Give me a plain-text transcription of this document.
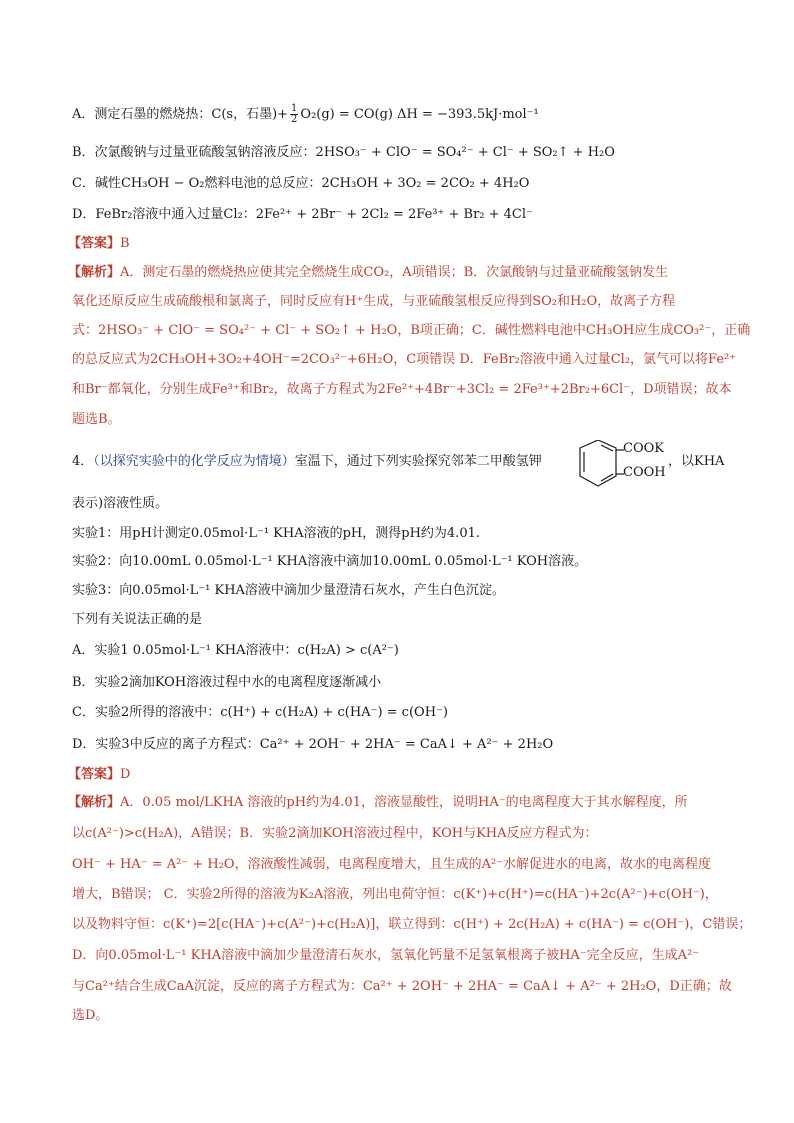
A．测定石墨的燃烧热：C(s，石墨)+ $\frac{1}{2} O_2(g) = CO(g) \Delta H = -393.5kJ\cdot mol^{-1}$
B．次氯酸钠与过量亚硫酸氢钠溶液反应：2HSO₃⁻ + ClO⁻ = SO₄²⁻ + Cl⁻ + SO₂↑ + H₂O
C．碱性CH₃OH − O₂燃料电池的总反应：2CH₃OH + 3O₂ = 2CO₂ + 4H₂O
D．FeBr₂溶液中通入过量Cl₂：2Fe²⁺ + 2Br⁻ + 2Cl₂ = 2Fe³⁺ + Br₂ + 4Cl⁻
【答案】B
【解析】A．测定石墨的燃烧热应使其完全燃烧生成CO₂，A项错误；B．次氯酸钠与过量亚硫酸氢钠发生
氧化还原反应生成硫酸根和氯离子，同时反应有H⁺生成，与亚硫酸氢根反应得到SO₂和H₂O，故离子方程
式：2HSO₃⁻ + ClO⁻ = SO₄²⁻ + Cl⁻ + SO₂↑ + H₂O，B项正确；C．碱性燃料电池中CH₃OH应生成CO₃²⁻，正确
的总反应式为2CH₃OH+3O₂+4OH⁻=2CO₃²⁻+6H₂O，C项错误 D．FeBr₂溶液中通入过量Cl₂，氯气可以将Fe²⁺
和Br⁻都氧化，分别生成Fe³⁺和Br₂，故离子方程式为2Fe²⁺+4Br⁻+3Cl₂ = 2Fe³⁺+2Br₂+6Cl⁻，D项错误；故本
题选B。
4．（以探究实验中的化学反应为情境）室温下，通过下列实验探究邻苯二甲酸氢钾
COOK
COOH
，以KHA
表示)溶液性质。
实验1：用pH计测定0.05mol·L⁻¹ KHA溶液的pH，测得pH约为4.01.
实验2：向10.00mL 0.05mol·L⁻¹ KHA溶液中滴加10.00mL 0.05mol·L⁻¹ KOH溶液。
实验3：向0.05mol·L⁻¹ KHA溶液中滴加少量澄清石灰水，产生白色沉淀。
下列有关说法正确的是
A．实验1 0.05mol·L⁻¹ KHA溶液中：c(H₂A) > c(A²⁻)
B．实验2滴加KOH溶液过程中水的电离程度逐渐减小
C．实验2所得的溶液中：c(H⁺) + c(H₂A) + c(HA⁻) = c(OH⁻)
D．实验3中反应的离子方程式：Ca²⁺ + 2OH⁻ + 2HA⁻ = CaA↓ + A²⁻ + 2H₂O
【答案】D
【解析】A．0.05 mol/LKHA 溶液的pH约为4.01，溶液显酸性，说明HA⁻的电离程度大于其水解程度，所
以c(A²⁻)>c(H₂A)，A错误；B．实验2滴加KOH溶液过程中，KOH与KHA反应方程式为：
OH⁻ + HA⁻ = A²⁻ + H₂O，溶液酸性减弱，电离程度增大，且生成的A²⁻水解促进水的电离，故水的电离程度
增大，B错误； C．实验2所得的溶液为K₂A溶液，列出电荷守恒：c(K⁺)+c(H⁺)=c(HA⁻)+2c(A²⁻)+c(OH⁻)，
以及物料守恒：c(K⁺)=2[c(HA⁻)+c(A²⁻)+c(H₂A)]，联立得到：c(H⁺) + 2c(H₂A) + c(HA⁻) = c(OH⁻)，C错误；
D．向0.05mol·L⁻¹ KHA溶液中滴加少量澄清石灰水，氢氧化钙量不足氢氧根离子被HA⁻完全反应，生成A²⁻
与Ca²⁺结合生成CaA沉淀，反应的离子方程式为：Ca²⁺ + 2OH⁻ + 2HA⁻ = CaA↓ + A²⁻ + 2H₂O，D正确；故
选D。
